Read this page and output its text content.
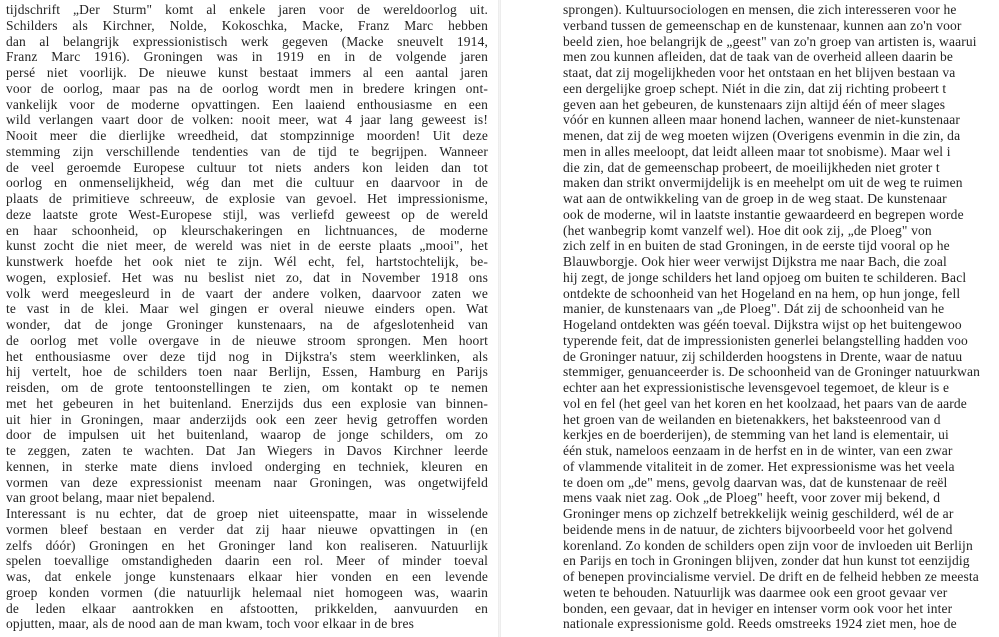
tijdschrift „Der Sturm" komt al enkele jaren voor de wereldoorlog uit.
Schilders als Kirchner, Nolde, Kokoschka, Macke, Franz Marc hebben
dan al belangrijk expressionistisch werk gegeven (Macke sneuvelt 1914,
Franz Marc 1916). Groningen was in 1919 en in de volgende jaren
persé niet voorlijk. De nieuwe kunst bestaat immers al een aantal jaren
voor de oorlog, maar pas na de oorlog wordt men in bredere kringen ont-
vankelijk voor de moderne opvattingen. Een laaiend enthousiasme en een
wild verlangen vaart door de volken: nooit meer, wat 4 jaar lang geweest is!
Nooit meer die dierlijke wreedheid, dat stompzinnige moorden! Uit deze
stemming zijn verschillende tendenties van de tijd te begrijpen. Wanneer
de veel geroemde Europese cultuur tot niets anders kon leiden dan tot
oorlog en onmenselijkheid, wég dan met die cultuur en daarvoor in de
plaats de primitieve schreeuw, de explosie van gevoel. Het impressionisme,
deze laatste grote West-Europese stijl, was verliefd geweest op de wereld
en haar schoonheid, op kleurschakeringen en lichtnuances, de moderne
kunst zocht die niet meer, de wereld was niet in de eerste plaats „mooi", het
kunstwerk hoefde het ook niet te zijn. Wél echt, fel, hartstochtelijk, be-
wogen, explosief. Het was nu beslist niet zo, dat in November 1918 ons
volk werd meegesleurd in de vaart der andere volken, daarvoor zaten we
te vast in de klei. Maar wel gingen er overal nieuwe einders open. Wat
wonder, dat de jonge Groninger kunstenaars, na de afgeslotenheid van
de oorlog met volle overgave in de nieuwe stroom sprongen. Men hoort
het enthousiasme over deze tijd nog in Dijkstra's stem weerklinken, als
hij vertelt, hoe de schilders toen naar Berlijn, Essen, Hamburg en Parijs
reisden, om de grote tentoonstellingen te zien, om kontakt op te nemen
met het gebeuren in het buitenland. Enerzijds dus een explosie van binnen-
uit hier in Groningen, maar anderzijds ook een zeer hevig getroffen worden
door de impulsen uit het buitenland, waarop de jonge schilders, om zo
te zeggen, zaten te wachten. Dat Jan Wiegers in Davos Kirchner leerde
kennen, in sterke mate diens invloed onderging en techniek, kleuren en
vormen van deze expressionist meenam naar Groningen, was ongetwijfeld
van groot belang, maar niet bepalend.
Interessant is nu echter, dat de groep niet uiteenspatte, maar in wisselende
vormen bleef bestaan en verder dat zij haar nieuwe opvattingen in (en
zelfs dóór) Groningen en het Groninger land kon realiseren. Natuurlijk
spelen toevallige omstandigheden daarin een rol. Meer of minder toeval
was, dat enkele jonge kunstenaars elkaar hier vonden en een levende
groep konden vormen (die natuurlijk helemaal niet homogeen was, waarin
de leden elkaar aantrokken en afstootten, prikkelden, aanvuurden en
opjutten, maar, als de nood aan de man kwam, toch voor elkaar in de bres
sprongen). Kultuursociologen en mensen, die zich interesseren voor he
verband tussen de gemeenschap en de kunstenaar, kunnen aan zo'n voor
beeld zien, hoe belangrijk de „geest" van zo'n groep van artisten is, waarui
men zou kunnen afleiden, dat de taak van de overheid alleen daarin be
staat, dat zij mogelijkheden voor het ontstaan en het blijven bestaan va
een dergelijke groep schept. Niét in die zin, dat zij richting probeert t
geven aan het gebeuren, de kunstenaars zijn altijd één of meer slages
vóór en kunnen alleen maar honend lachen, wanneer de niet-kunstenaar
menen, dat zij de weg moeten wijzen (Overigens evenmin in die zin, da
men in alles meeloopt, dat leidt alleen maar tot snobisme). Maar wel i
die zin, dat de gemeenschap probeert, de moeilijkheden niet groter t
maken dan strikt onvermijdelijk is en meehelpt om uit de weg te ruimen
wat aan de ontwikkeling van de groep in de weg staat. De kunstenaar
ook de moderne, wil in laatste instantie gewaardeerd en begrepen worde
(het wanbegrip komt vanzelf wel). Hoe dit ook zij, „de Ploeg" von
zich zelf in en buiten de stad Groningen, in de eerste tijd vooral op he
Blauwborgje. Ook hier weer verwijst Dijkstra me naar Bach, die zoal
hij zegt, de jonge schilders het land opjoeg om buiten te schilderen. Bacl
ontdekte de schoonheid van het Hogeland en na hem, op hun jonge, fell
manier, de kunstenaars van „de Ploeg". Dát zij de schoonheid van he
Hogeland ontdekten was géén toeval. Dijkstra wijst op het buitengewoo
typerende feit, dat de impressionisten generlei belangstelling hadden voo
de Groninger natuur, zij schilderden hoogstens in Drente, waar de natuu
stemmiger, genuanceerder is. De schoonheid van de Groninger natuurkwan
echter aan het expressionistische levensgevoel tegemoet, de kleur is e
vol en fel (het geel van het koren en het koolzaad, het paars van de aarde
het groen van de weilanden en bietenakkers, het baksteenrood van d
kerkjes en de boerderijen), de stemming van het land is elementair, ui
één stuk, nameloos eenzaam in de herfst en in de winter, van een zwar
of vlammende vitaliteit in de zomer. Het expressionisme was het veela
te doen om „de" mens, gevolg daarvan was, dat de kunstenaar de reël
mens vaak niet zag. Ook „de Ploeg" heeft, voor zover mij bekend, d
Groninger mens op zichzelf betrekkelijk weinig geschilderd, wél de ar
beidende mens in de natuur, de zichters bijvoorbeeld voor het golvend
korenland. Zo konden de schilders open zijn voor de invloeden uit Berlijn
en Parijs en toch in Groningen blijven, zonder dat hun kunst tot eenzijdig
of benepen provincialisme verviel. De drift en de felheid hebben ze meesta
weten te behouden. Natuurlijk was daarmee ook een groot gevaar ver
bonden, een gevaar, dat in heviger en intenser vorm ook voor het inter
nationale expressionisme gold. Reeds omstreeks 1924 ziet men, hoe de
